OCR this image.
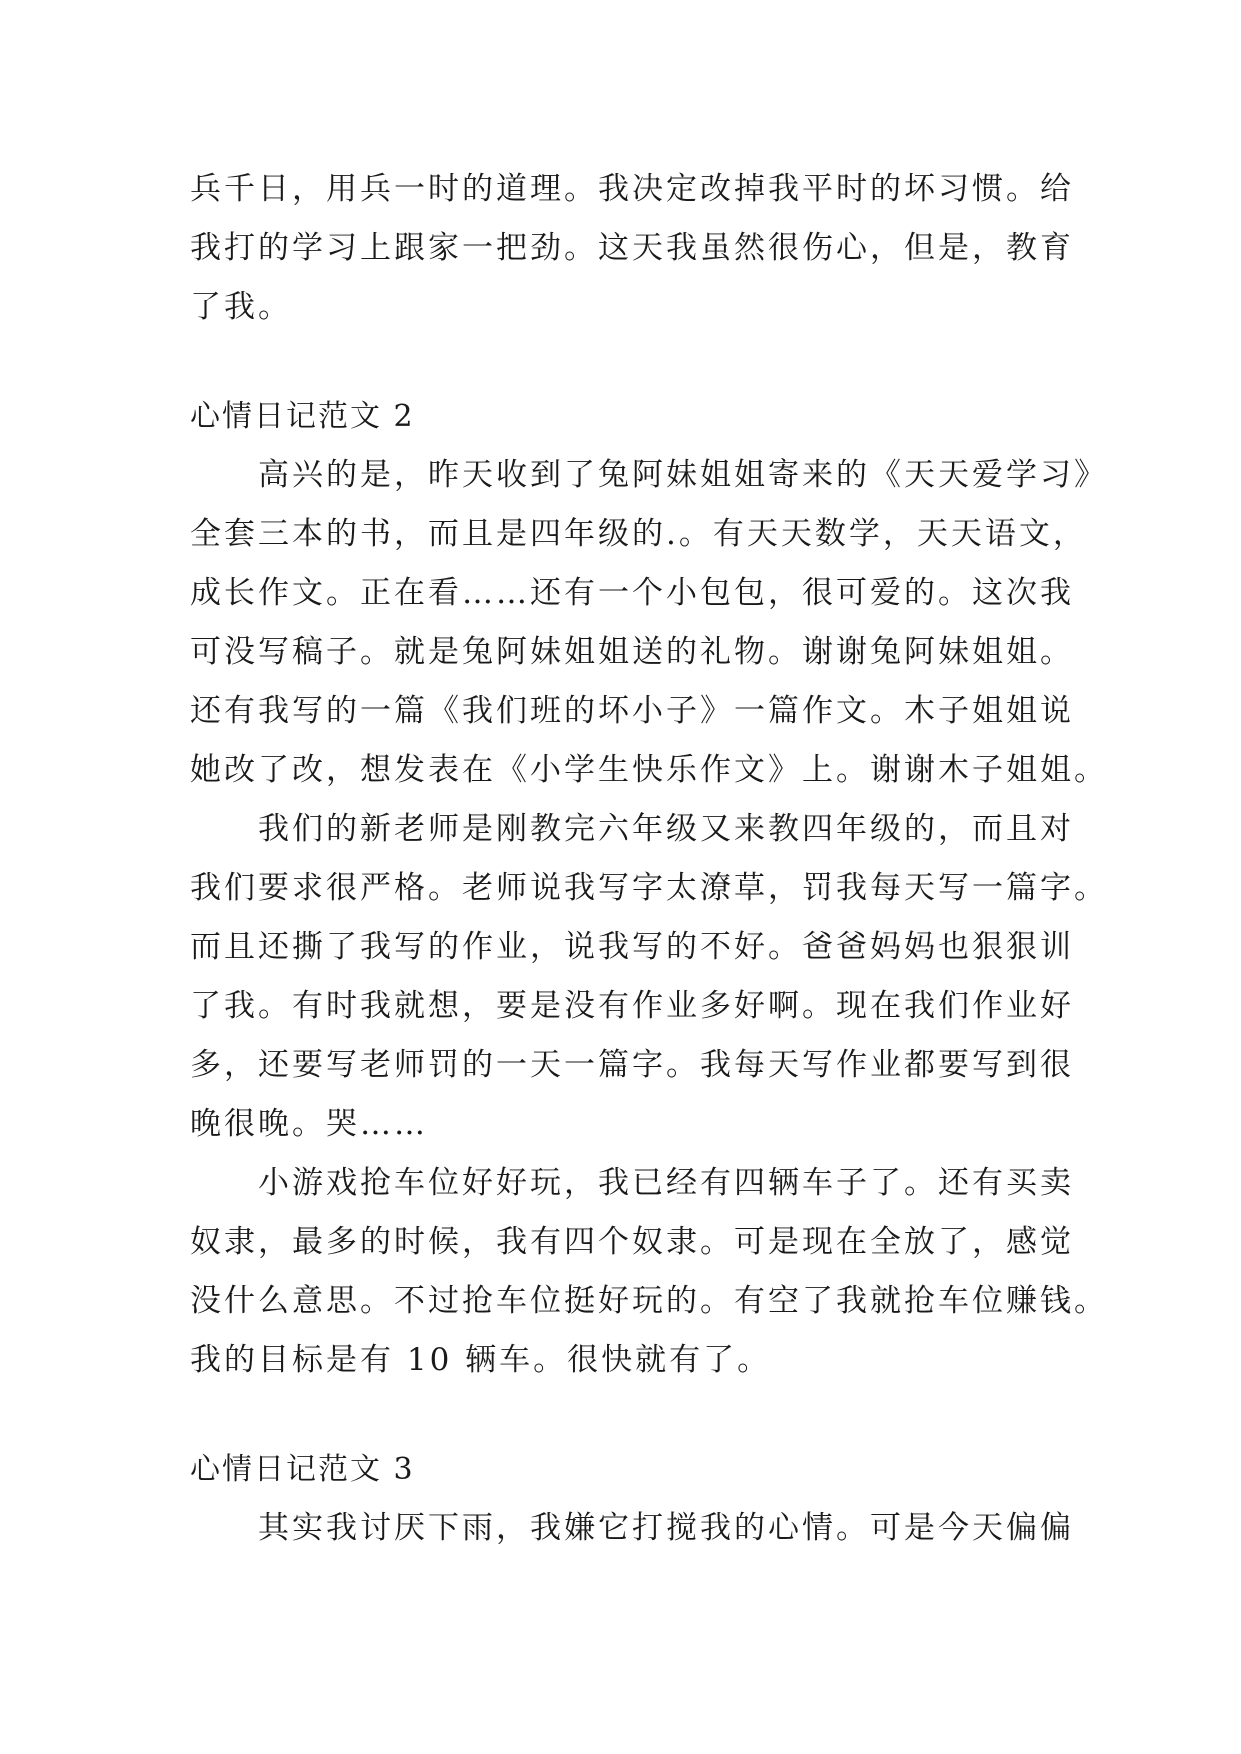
兵千日，用兵一时的道理。我决定改掉我平时的坏习惯。给
我打的学习上跟家一把劲。这天我虽然很伤心，但是，教育
了我。
心情日记范文 2
高兴的是，昨天收到了兔阿妹姐姐寄来的《天天爱学习》
全套三本的书，而且是四年级的.。有天天数学，天天语文，
成长作文。正在看……还有一个小包包，很可爱的。这次我
可没写稿子。就是兔阿妹姐姐送的礼物。谢谢兔阿妹姐姐。
还有我写的一篇《我们班的坏小子》一篇作文。木子姐姐说
她改了改，想发表在《小学生快乐作文》上。谢谢木子姐姐。
我们的新老师是刚教完六年级又来教四年级的，而且对
我们要求很严格。老师说我写字太潦草，罚我每天写一篇字。
而且还撕了我写的作业，说我写的不好。爸爸妈妈也狠狠训
了我。有时我就想，要是没有作业多好啊。现在我们作业好
多，还要写老师罚的一天一篇字。我每天写作业都要写到很
晚很晚。哭……
小游戏抢车位好好玩，我已经有四辆车子了。还有买卖
奴隶，最多的时候，我有四个奴隶。可是现在全放了，感觉
没什么意思。不过抢车位挺好玩的。有空了我就抢车位赚钱。
我的目标是有 10 辆车。很快就有了。
心情日记范文 3
其实我讨厌下雨，我嫌它打搅我的心情。可是今天偏偏
